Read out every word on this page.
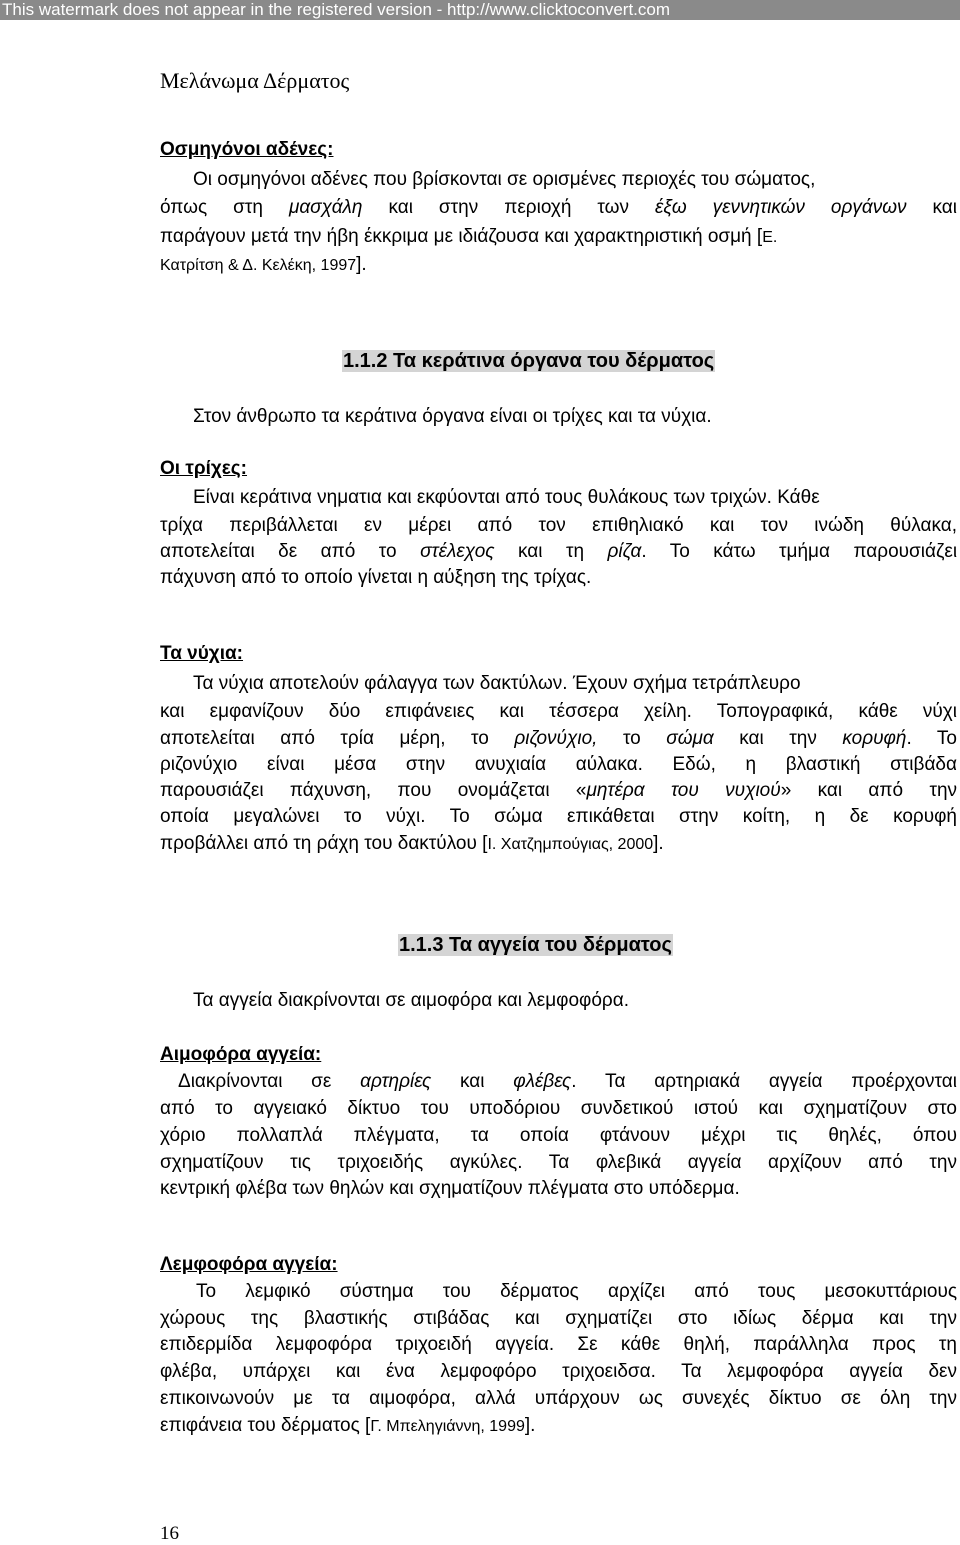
This watermark does not appear in the registered version - http://www.clicktoconvert.com
Μελάνωμα Δέρματος
Οσμηγόνοι αδένες:
Οι οσμηγόνοι αδένες που βρίσκονται σε ορισμένες περιοχές του σώματος,
όπως στη μασχάλη και στην περιοχή των έξω γεννητικών οργάνων και
παράγουν μετά την ήβη έκκριμα με ιδιάζουσα και χαρακτηριστική οσμή [Ε.
Κατρίτση & Δ. Κελέκη, 1997].
1.1.2 Τα κεράτινα όργανα του δέρματος
Στον άνθρωπο τα κεράτινα όργανα είναι οι τρίχες και τα νύχια.
Οι τρίχες:
Είναι κεράτινα νηματια και εκφύονται από τους θυλάκους των τριχών. Κάθε
τρίχα περιβάλλεται εν μέρει από τον επιθηλιακό και τον ινώδη θύλακα,
αποτελείται δε από το στέλεχος και τη ρίζα. Το κάτω τμήμα παρουσιάζει
πάχυνση από το οποίο γίνεται η αύξηση της τρίχας.
Τα νύχια:
Τα νύχια αποτελούν φάλαγγα των δακτύλων. Έχουν σχήμα τετράπλευρο
και εμφανίζουν δύο επιφάνειες και τέσσερα χείλη. Τοπογραφικά, κάθε νύχι
αποτελείται από τρία μέρη, το ριζονύχιο, το σώμα και την κορυφή. Το
ριζονύχιο είναι μέσα στην ανυχιαία αύλακα. Εδώ, η βλαστική στιβάδα
παρουσιάζει πάχυνση, που ονομάζεται «μητέρα του νυχιού» και από την
οποία μεγαλώνει το νύχι. Το σώμα επικάθεται στην κοίτη, η δε κορυφή
προβάλλει από τη ράχη του δακτύλου [Ι. Χατζημπούγιας, 2000].
1.1.3 Τα αγγεία του δέρματος
Τα αγγεία διακρίνονται σε αιμοφόρα και λεμφοφόρα.
Αιμοφόρα αγγεία:
Διακρίνονται σε αρτηρίες και φλέβες. Τα αρτηριακά αγγεία προέρχονται
από το αγγειακό δίκτυο του υποδόριου συνδετικού ιστού και σχηματίζουν στο
χόριο πολλαπλά πλέγματα, τα οποία φτάνουν μέχρι τις θηλές, όπου
σχηματίζουν τις τριχοειδής αγκύλες. Τα φλεβικά αγγεία αρχίζουν από την
κεντρική φλέβα των θηλών και σχηματίζουν πλέγματα στο υπόδερμα.
Λεμφοφόρα αγγεία:
Το λεμφικό σύστημα του δέρματος αρχίζει από τους μεσοκυττάριους
χώρους της βλαστικής στιβάδας και σχηματίζει στο ιδίως δέρμα και την
επιδερμίδα λεμφοφόρα τριχοειδή αγγεία. Σε κάθε θηλή, παράλληλα προς τη
φλέβα, υπάρχει και ένα λεμφοφόρο τριχοειδσα. Τα λεμφοφόρα αγγεία δεν
επικοινωνούν με τα αιμοφόρα, αλλά υπάρχουν ως συνεχές δίκτυο σε όλη την
επιφάνεια του δέρματος [Γ. Μπεληγιάννη, 1999].
16
